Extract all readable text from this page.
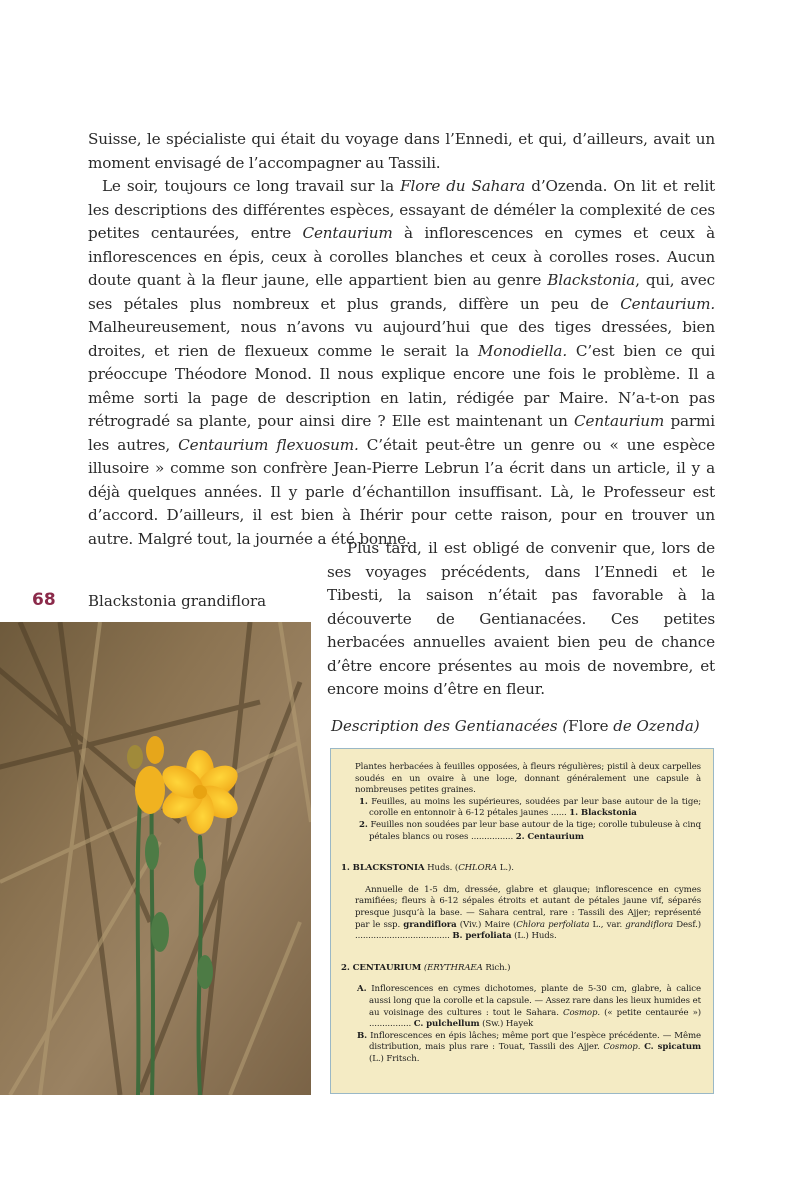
Suisse, le spécialiste qui était du voyage dans l’Ennedi, et qui, d’ailleurs, avait un moment envisagé de l’accompagner au Tassili.

Le soir, toujours ce long travail sur la Flore du Sahara d’Ozenda. On lit et relit les descriptions des différentes espèces, essayant de déméler la complexité de ces petites centaurées, entre Centaurium à inflorescences en cymes et ceux à inflorescences en épis, ceux à corolles blanches et ceux à corolles roses. Aucun doute quant à la fleur jaune, elle appartient bien au genre Blackstonia, qui, avec ses pétales plus nombreux et plus grands, diffère un peu de Centaurium. Malheureusement, nous n’avons vu aujourd’hui que des tiges dressées, bien droites, et rien de flexueux comme le serait la Monodiella. C’est bien ce qui préoccupe Théodore Monod. Il nous explique encore une fois le problème. Il a même sorti la page de description en latin, rédigée par Maire. N’a-t-on pas rétrogradé sa plante, pour ainsi dire ? Elle est maintenant un Centaurium parmi les autres, Centaurium flexuosum. C’était peut-être un genre ou « une espèce illusoire » comme son confrère Jean-Pierre Lebrun l’a écrit dans un article, il y a déjà quelques années. Il y parle d’échantillon insuffisant. Là, le Professeur est d’accord. D’ailleurs, il est bien à Ihérir pour cette raison, pour en trouver un autre. Malgré tout, la journée a été bonne.

Plus tard, il est obligé de convenir que, lors de ses voyages précédents, dans l’Ennedi et le Tibesti, la saison n’était pas favorable à la découverte de Gentianacées. Ces petites herbacées annuelles avaient bien peu de chance d’être encore présentes au mois de novembre, et encore moins d’être en fleur.
68 Blackstonia grandiflora
Description des Gentianacées (Flore de Ozenda)

Plantes herbacées à feuilles opposées, à fleurs régulières; pistil à deux carpelles soudés en un ovaire à une loge, donnant généralement une capsule à nombreuses petites graines.

1. Feuilles, au moins les supérieures, soudées par leur base autour de la tige; corolle en entonnoir à 6-12 pétales jaunes ...... 1. Blackstonia

2. Feuilles non soudées par leur base autour de la tige; corolle tubuleuse à cinq pétales blancs ou roses ................ 2. Centaurium

1. BLACKSTONIA Huds. (CHLORA L.).

Annuelle de 1-5 dm, dressée, glabre et glauque; inflorescence en cymes ramifiées; fleurs à 6-12 sépales étroits et autant de pétales jaune vif, séparés presque jusqu’à la base. — Sahara central, rare : Tassili des Ajjer; représenté par le ssp. grandiflora (Viv.) Maire (Chlora perfoliata L., var. grandiflora Desf.) .................................... B. perfoliata (L.) Huds.

2. CENTAURIUM (ERYTHRAEA Rich.)

A. Inflorescences en cymes dichotomes, plante de 5-30 cm, glabre, à calice aussi long que la corolle et la capsule. — Assez rare dans les lieux humides et au voisinage des cultures : tout le Sahara. Cosmop. (« petite centaurée ») ................ C. pulchellum (Sw.) Hayek

B. Inflorescences en épis lâches; même port que l’espèce précédente. — Même distribution, mais plus rare : Touat, Tassili des Ajjer. Cosmop. C. spicatum (L.) Fritsch.
